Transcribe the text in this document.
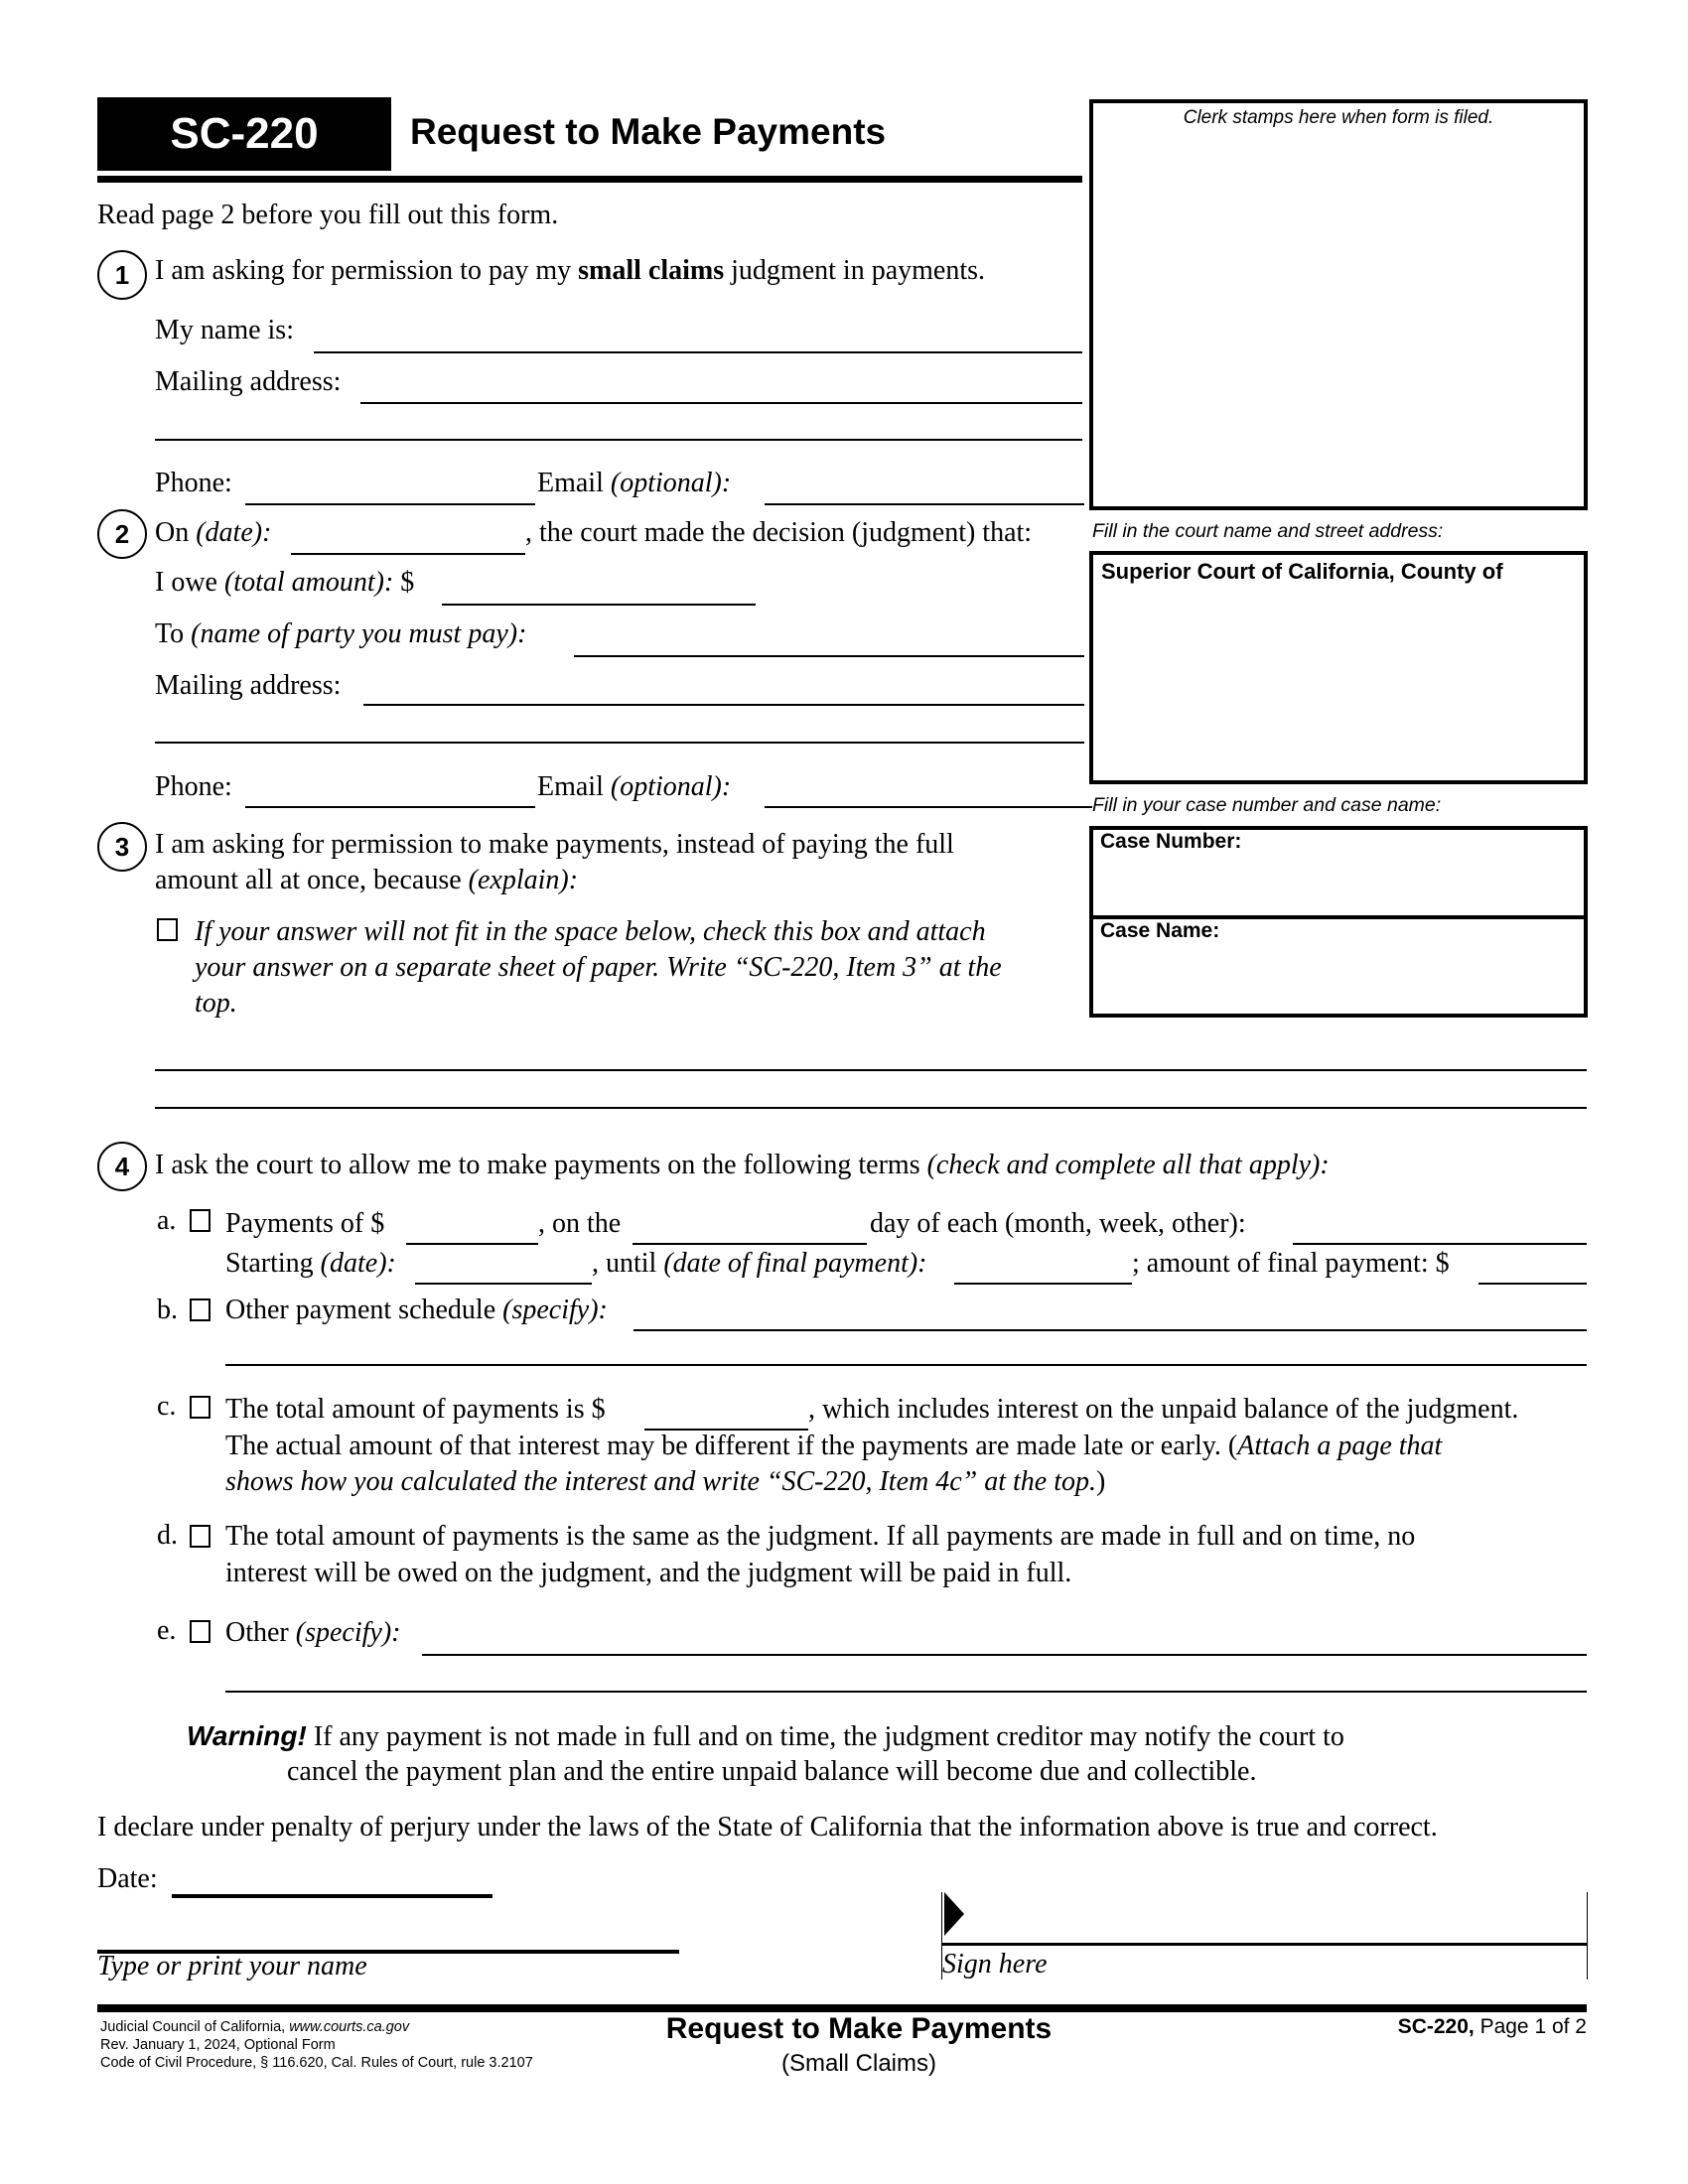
SC-220	Request to Make Payments
Read page 2 before you fill out this form.
Clerk stamps here when form is filed.
Fill in the court name and street address:
Superior Court of California, County of
Fill in your case number and case name:
Case Number:
Case Name:
1 I am asking for permission to pay my small claims judgment in payments.
My name is:
Mailing address:
Phone:	Email (optional):
2 On (date):	, the court made the decision (judgment) that:
I owe (total amount): $
To (name of party you must pay):
Mailing address:
Phone:	Email (optional):
3 I am asking for permission to make payments, instead of paying the full
amount all at once, because (explain):
If your answer will not fit in the space below, check this box and attach
your answer on a separate sheet of paper. Write “SC-220, Item 3” at the
top.
4 I ask the court to allow me to make payments on the following terms (check and complete all that apply):
a. Payments of $	, on the	day of each (month, week, other):
Starting (date):	, until (date of final payment):	; amount of final payment: $
b. Other payment schedule (specify):
c. The total amount of payments is $	, which includes interest on the unpaid balance of the judgment.
The actual amount of that interest may be different if the payments are made late or early. (Attach a page that
shows how you calculated the interest and write “SC-220, Item 4c” at the top.)
d. The total amount of payments is the same as the judgment. If all payments are made in full and on time, no
interest will be owed on the judgment, and the judgment will be paid in full.
e. Other (specify):
Warning! If any payment is not made in full and on time, the judgment creditor may notify the court to
cancel the payment plan and the entire unpaid balance will become due and collectible.
I declare under penalty of perjury under the laws of the State of California that the information above is true and correct.
Date:
Type or print your name	Sign here
Judicial Council of California, www.courts.ca.gov
Rev. January 1, 2024, Optional Form
Code of Civil Procedure, § 116.620, Cal. Rules of Court, rule 3.2107
Request to Make Payments
(Small Claims)
SC-220, Page 1 of 2
